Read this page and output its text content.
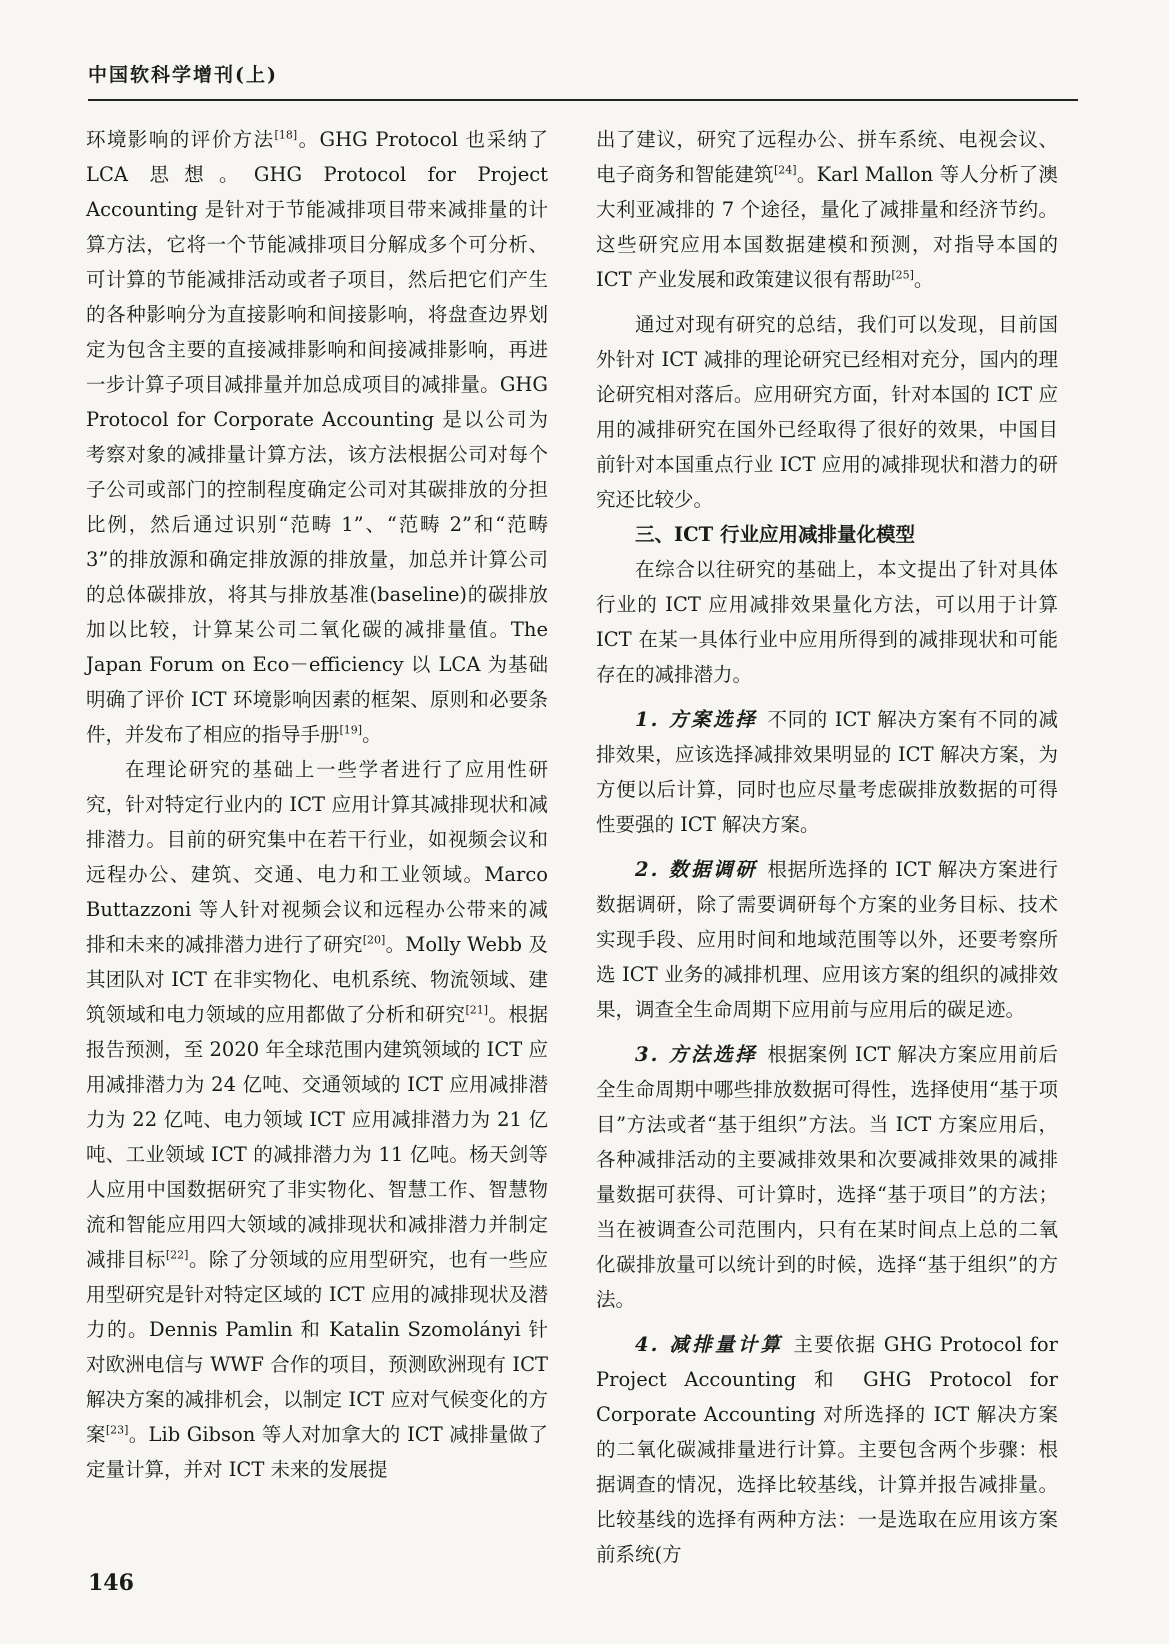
中国软科学增刊(上)

环境影响的评价方法[18]。GHG Protocol 也采纳了LCA 思想。GHG Protocol for Project Accounting 是针对于节能减排项目带来减排量的计算方法，它将一个节能减排项目分解成多个可分析、可计算的节能减排活动或者子项目，然后把它们产生的各种影响分为直接影响和间接影响，将盘查边界划定为包含主要的直接减排影响和间接减排影响，再进一步计算子项目减排量并加总成项目的减排量。GHG Protocol for Corporate Accounting 是以公司为考察对象的减排量计算方法，该方法根据公司对每个子公司或部门的控制程度确定公司对其碳排放的分担比例，然后通过识别“范畴 1”、“范畴 2”和“范畴 3”的排放源和确定排放源的排放量，加总并计算公司的总体碳排放，将其与排放基准(baseline)的碳排放加以比较，计算某公司二氧化碳的减排量值。The Japan Forum on Eco－efficiency 以 LCA 为基础明确了评价 ICT 环境影响因素的框架、原则和必要条件，并发布了相应的指导手册[19]。

在理论研究的基础上一些学者进行了应用性研究，针对特定行业内的 ICT 应用计算其减排现状和减排潜力。目前的研究集中在若干行业，如视频会议和远程办公、建筑、交通、电力和工业领域。Marco Buttazzoni 等人针对视频会议和远程办公带来的减排和未来的减排潜力进行了研究[20]。Molly Webb 及其团队对 ICT 在非实物化、电机系统、物流领域、建筑领域和电力领域的应用都做了分析和研究[21]。根据报告预测，至 2020 年全球范围内建筑领域的 ICT 应用减排潜力为 24 亿吨、交通领域的 ICT 应用减排潜力为 22 亿吨、电力领域 ICT 应用减排潜力为 21 亿吨、工业领域 ICT 的减排潜力为 11 亿吨。杨天剑等人应用中国数据研究了非实物化、智慧工作、智慧物流和智能应用四大领域的减排现状和减排潜力并制定减排目标[22]。除了分领域的应用型研究，也有一些应用型研究是针对特定区域的 ICT 应用的减排现状及潜力的。Dennis Pamlin 和 Katalin Szomolányi 针对欧洲电信与 WWF 合作的项目，预测欧洲现有 ICT 解决方案的减排机会，以制定 ICT 应对气候变化的方案[23]。Lib Gibson 等人对加拿大的 ICT 减排量做了定量计算，并对 ICT 未来的发展提

出了建议，研究了远程办公、拼车系统、电视会议、电子商务和智能建筑[24]。Karl Mallon 等人分析了澳大利亚减排的 7 个途径，量化了减排量和经济节约。这些研究应用本国数据建模和预测，对指导本国的 ICT 产业发展和政策建议很有帮助[25]。

通过对现有研究的总结，我们可以发现，目前国外针对 ICT 减排的理论研究已经相对充分，国内的理论研究相对落后。应用研究方面，针对本国的 ICT 应用的减排研究在国外已经取得了很好的效果，中国目前针对本国重点行业 ICT 应用的减排现状和潜力的研究还比较少。

三、ICT 行业应用减排量化模型

在综合以往研究的基础上，本文提出了针对具体行业的 ICT 应用减排效果量化方法，可以用于计算 ICT 在某一具体行业中应用所得到的减排现状和可能存在的减排潜力。

1. 方案选择 不同的 ICT 解决方案有不同的减排效果，应该选择减排效果明显的 ICT 解决方案，为方便以后计算，同时也应尽量考虑碳排放数据的可得性要强的 ICT 解决方案。

2. 数据调研 根据所选择的 ICT 解决方案进行数据调研，除了需要调研每个方案的业务目标、技术实现手段、应用时间和地域范围等以外，还要考察所选 ICT 业务的减排机理、应用该方案的组织的减排效果，调查全生命周期下应用前与应用后的碳足迹。

3. 方法选择 根据案例 ICT 解决方案应用前后全生命周期中哪些排放数据可得性，选择使用“基于项目”方法或者“基于组织”方法。当 ICT 方案应用后，各种减排活动的主要减排效果和次要减排效果的减排量数据可获得、可计算时，选择“基于项目”的方法；当在被调查公司范围内，只有在某时间点上总的二氧化碳排放量可以统计到的时候，选择“基于组织”的方法。

4. 减排量计算 主要依据 GHG Protocol for Project Accounting 和 GHG Protocol for Corporate Accounting 对所选择的 ICT 解决方案的二氧化碳减排量进行计算。主要包含两个步骤：根据调查的情况，选择比较基线，计算并报告减排量。比较基线的选择有两种方法：一是选取在应用该方案前系统(方

146
